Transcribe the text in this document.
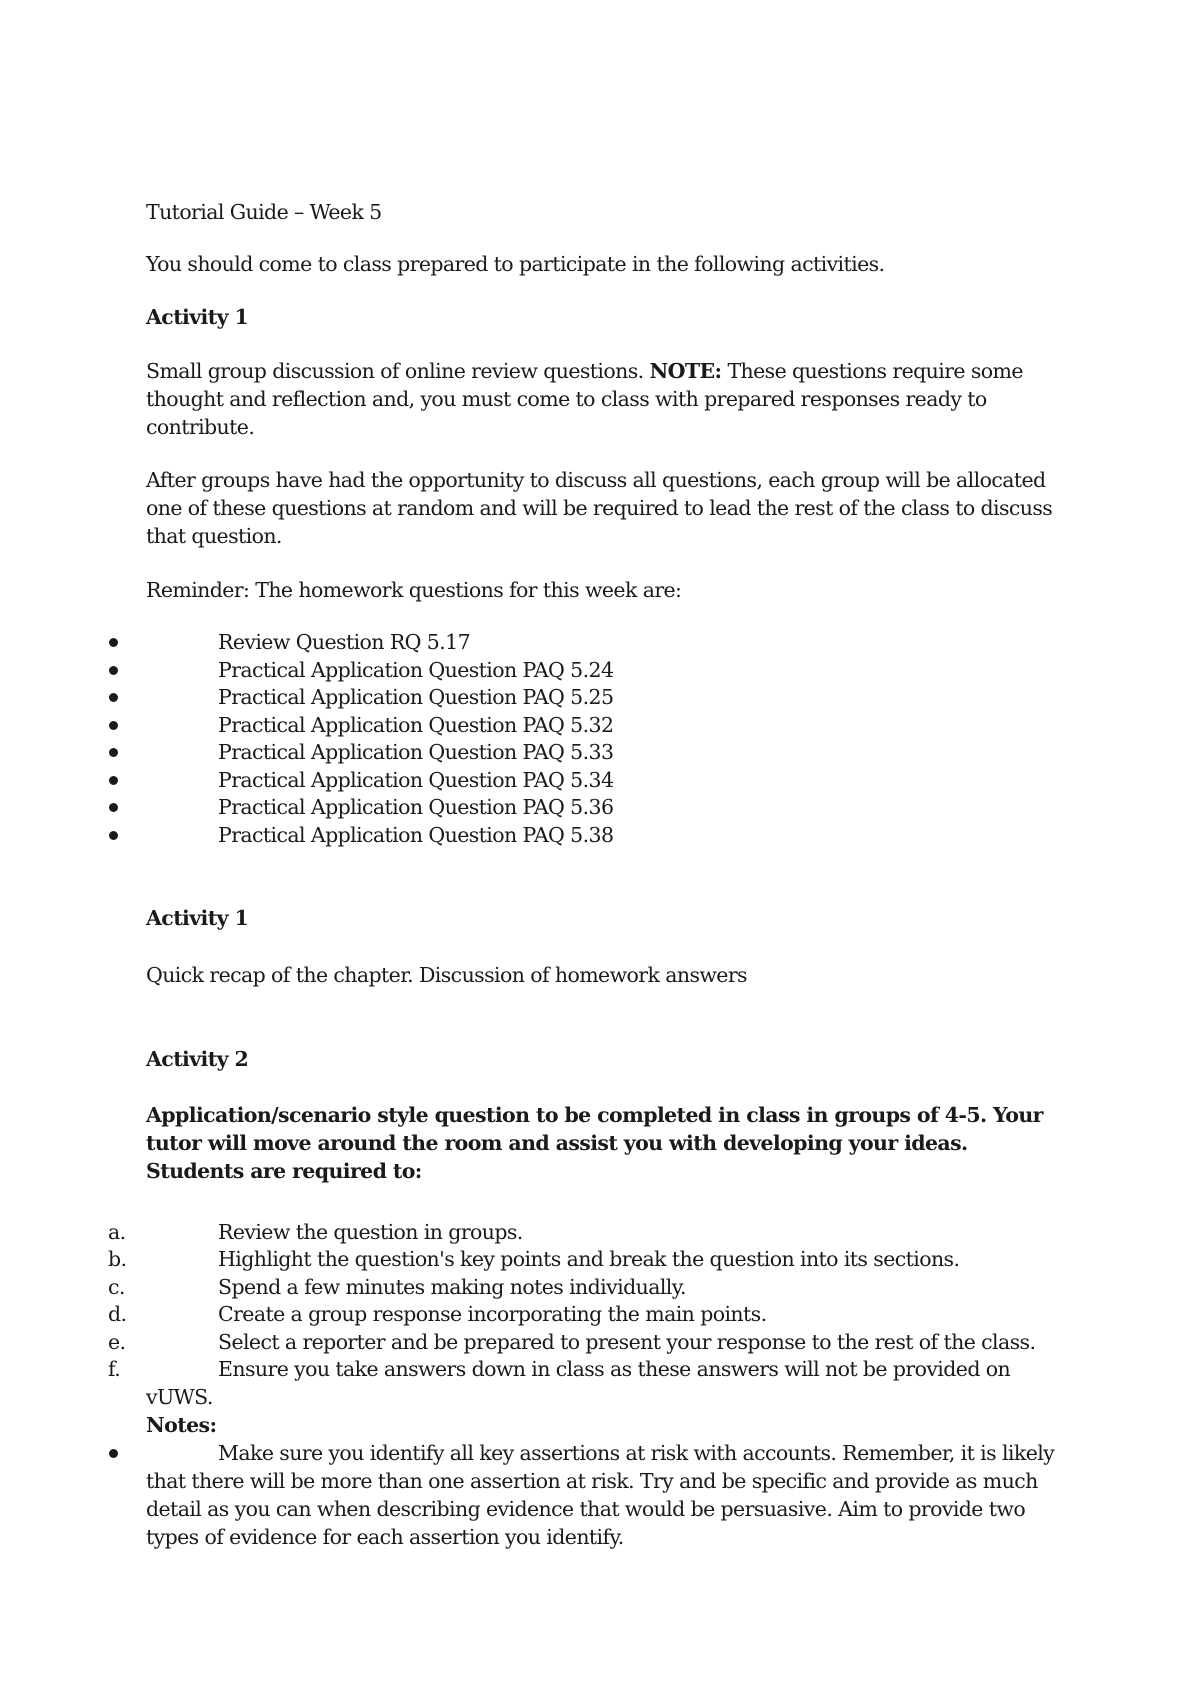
Tutorial Guide – Week 5

You should come to class prepared to participate in the following activities.

Activity 1

Small group discussion of online review questions. NOTE: These questions require some thought and reflection and, you must come to class with prepared responses ready to contribute.

After groups have had the opportunity to discuss all questions, each group will be allocated one of these questions at random and will be required to lead the rest of the class to discuss that question.

Reminder: The homework questions for this week are:

Review Question RQ 5.17
Practical Application Question PAQ 5.24
Practical Application Question PAQ 5.25
Practical Application Question PAQ 5.32
Practical Application Question PAQ 5.33
Practical Application Question PAQ 5.34
Practical Application Question PAQ 5.36
Practical Application Question PAQ 5.38

Activity 1

Quick recap of the chapter. Discussion of homework answers

Activity 2

Application/scenario style question to be completed in class in groups of 4-5. Your tutor will move around the room and assist you with developing your ideas. Students are required to:

a.	Review the question in groups.
b.	Highlight the question's key points and break the question into its sections.
c.	Spend a few minutes making notes individually.
d.	Create a group response incorporating the main points.
e.	Select a reporter and be prepared to present your response to the rest of the class.
f.	Ensure you take answers down in class as these answers will not be provided on vUWS.

Notes:

Make sure you identify all key assertions at risk with accounts. Remember, it is likely that there will be more than one assertion at risk. Try and be specific and provide as much detail as you can when describing evidence that would be persuasive. Aim to provide two types of evidence for each assertion you identify.
